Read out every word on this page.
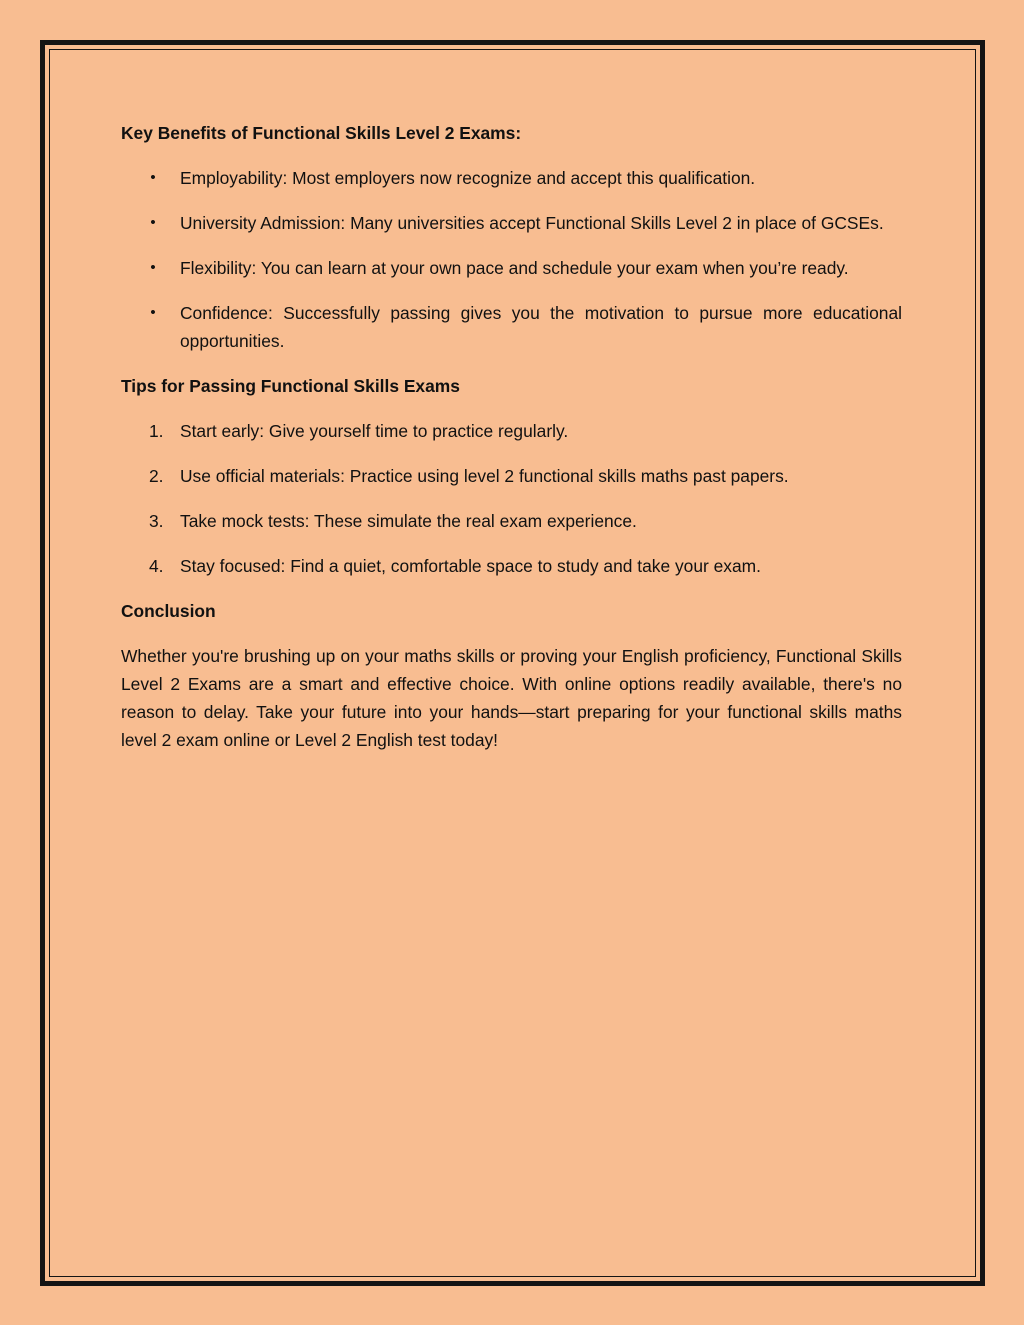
Key Benefits of Functional Skills Level 2 Exams:
• Employability: Most employers now recognize and accept this qualification.
• University Admission: Many universities accept Functional Skills Level 2 in place of GCSEs.
• Flexibility: You can learn at your own pace and schedule your exam when you’re ready.
• Confidence: Successfully passing gives you the motivation to pursue more educational opportunities.
Tips for Passing Functional Skills Exams
1. Start early: Give yourself time to practice regularly.
2. Use official materials: Practice using level 2 functional skills maths past papers.
3. Take mock tests: These simulate the real exam experience.
4. Stay focused: Find a quiet, comfortable space to study and take your exam.
Conclusion

Whether you're brushing up on your maths skills or proving your English proficiency, Functional Skills Level 2 Exams are a smart and effective choice. With online options readily available, there's no reason to delay. Take your future into your hands—start preparing for your functional skills maths level 2 exam online or Level 2 English test today!
